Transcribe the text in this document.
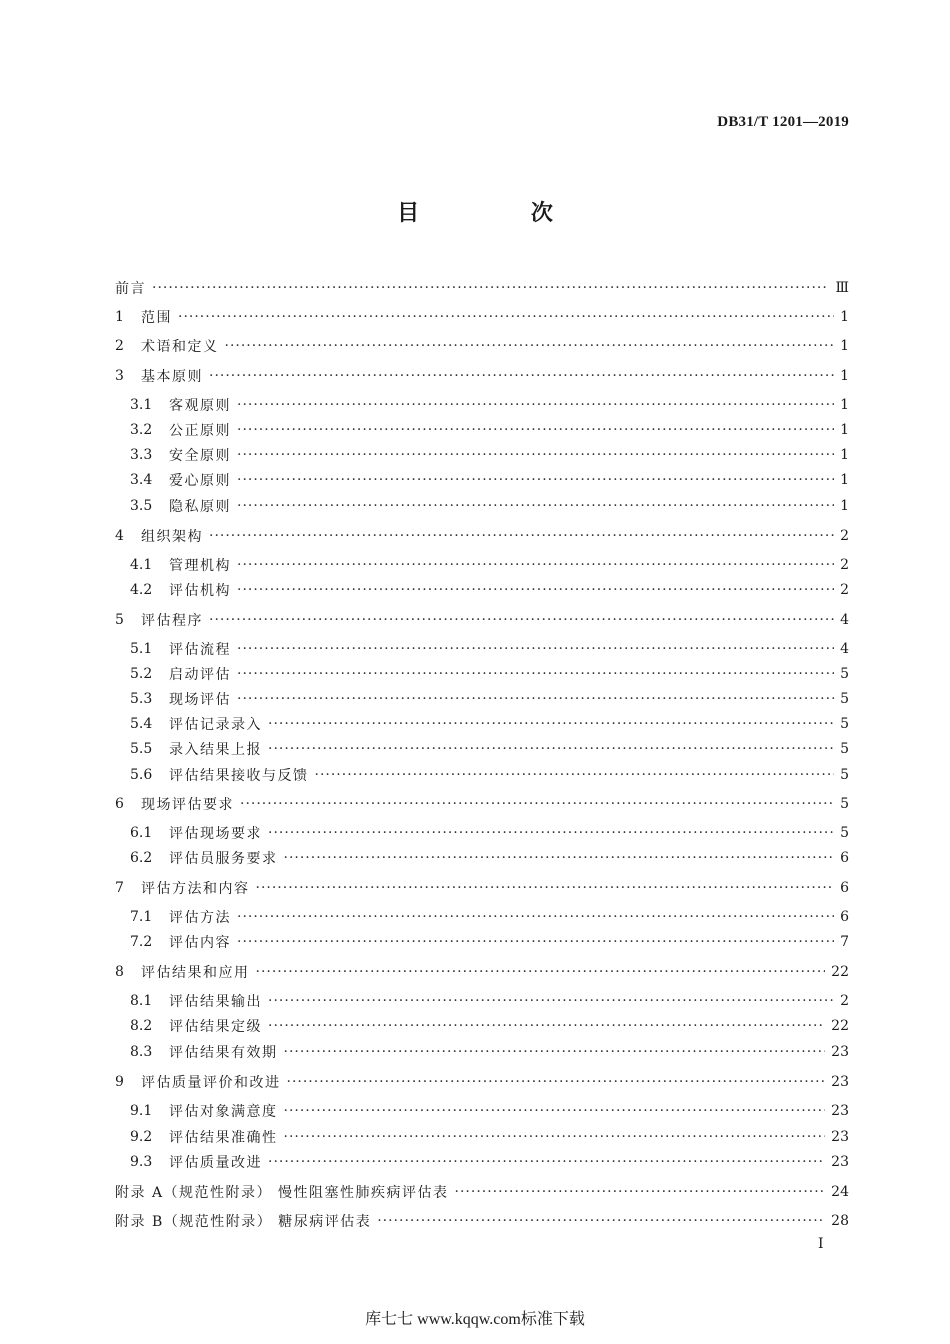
DB31/T 1201—2019
目 次
前言 ·····	Ⅲ
1	范围 ·····	1
2	术语和定义 ·····	1
3	基本原则 ·····	1
3.1	客观原则 ·····	1
3.2	公正原则 ·····	1
3.3	安全原则 ·····	1
3.4	爱心原则 ·····	1
3.5	隐私原则 ·····	1
4	组织架构 ·····	2
4.1	管理机构 ·····	2
4.2	评估机构 ·····	2
5	评估程序 ·····	4
5.1	评估流程 ·····	4
5.2	启动评估 ·····	5
5.3	现场评估 ·····	5
5.4	评估记录录入 ·····	5
5.5	录入结果上报 ·····	5
5.6	评估结果接收与反馈 ·····	5
6	现场评估要求 ·····	5
6.1	评估现场要求 ·····	5
6.2	评估员服务要求 ·····	6
7	评估方法和内容 ·····	6
7.1	评估方法 ·····	6
7.2	评估内容 ·····	7
8	评估结果和应用 ·····	22
8.1	评估结果输出 ·····	2
8.2	评估结果定级 ·····	22
8.3	评估结果有效期 ·····	23
9	评估质量评价和改进 ·····	23
9.1	评估对象满意度 ·····	23
9.2	评估结果准确性 ·····	23
9.3	评估质量改进 ·····	23
附录 A（规范性附录） 慢性阻塞性肺疾病评估表 ·····	24
附录 B（规范性附录） 糖尿病评估表 ·····	28
I
库七七 www.kqqw.com标准下载
